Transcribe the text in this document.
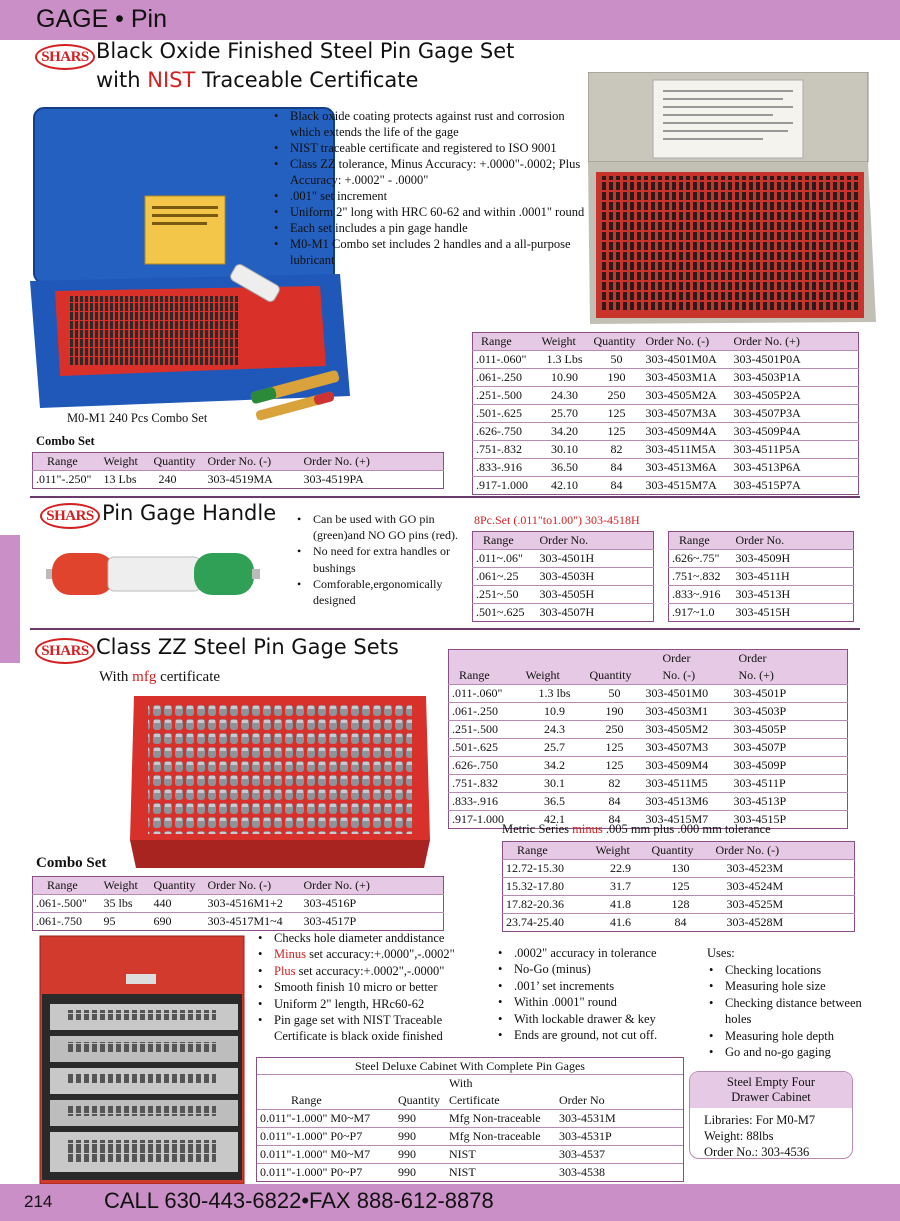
GAGE • Pin
SHARS Black Oxide Finished Steel Pin Gage Set
with NIST Traceable Certificate
M0-M1 240 Pcs Combo Set
• Black oxide coating protects against rust and corrosion which extends the life of the gage
• NIST traceable certificate and registered to ISO 9001
• Class ZZ tolerance, Minus Accuracy: +.0000"-.0002; Plus Accuracy: +.0002" - .0000"
• .001" set increment
• Uniform 2" long with HRC 60-62 and within .0001" round
• Each set includes a pin gage handle
• M0-M1 Combo set includes 2 handles and a all-purpose lubricant
Combo Set
Range	Weight	Quantity	Order No. (-)	Order No. (+)
.011"-.250"	13 Lbs	240	303-4519MA	303-4519PA
Range	Weight	Quantity	Order No. (-)	Order No. (+)
.011-.060"	1.3 Lbs	50	303-4501M0A	303-4501P0A
.061-.250	10.90	190	303-4503M1A	303-4503P1A
.251-.500	24.30	250	303-4505M2A	303-4505P2A
.501-.625	25.70	125	303-4507M3A	303-4507P3A
.626-.750	34.20	125	303-4509M4A	303-4509P4A
.751-.832	30.10	82	303-4511M5A	303-4511P5A
.833-.916	36.50	84	303-4513M6A	303-4513P6A
.917-1.000	42.10	84	303-4515M7A	303-4515P7A
SHARS Pin Gage Handle	• Can be used with GO pin (green)and NO GO pins (red).
• No need for extra handles or bushings
• Comforable,ergonomically designed
8Pc.Set (.011"to1.00") 303-4518H
Range	Order No.
.011~.06"	303-4501H
.061~.25	303-4503H
.251~.50	303-4505H
.501~.625	303-4507H
Range	Order No.
.626~.75"	303-4509H
.751~.832	303-4511H
.833~.916	303-4513H
.917~1.0	303-4515H
SHARS Class ZZ Steel Pin Gage Sets
With mfg certificate
			Order	Order
Range	Weight	Quantity	No. (-)	No. (+)
.011-.060"	1.3 lbs	50	303-4501M0	303-4501P
.061-.250	10.9	190	303-4503M1	303-4503P
.251-.500	24.3	250	303-4505M2	303-4505P
.501-.625	25.7	125	303-4507M3	303-4507P
.626-.750	34.2	125	303-4509M4	303-4509P
.751-.832	30.1	82	303-4511M5	303-4511P
.833-.916	36.5	84	303-4513M6	303-4513P
.917-1.000	42.1	84	303-4515M7	303-4515P
Metric Series minus .005 mm plus .000 mm tolerance
Range	Weight	Quantity	Order No. (-)
12.72-15.30	22.9	130	303-4523M
15.32-17.80	31.7	125	303-4524M
17.82-20.36	41.8	128	303-4525M
23.74-25.40	41.6	84	303-4528M
Combo Set
Range	Weight	Quantity	Order No. (-)	Order No. (+)
.061-.500"	35 lbs	440	303-4516M1+2	303-4516P
.061-.750	95	690	303-4517M1~4	303-4517P
• Checks hole diameter anddistance
• Minus set accuracy:+.0000",-.0002"
• Plus set accuracy:+.0002",-.0000"
• Smooth finish 10 micro or better
• Uniform 2" length, HRc60-62
• Pin gage set with NIST Traceable Certificate is black oxide finished
• .0002" accuracy in tolerance
• No-Go (minus)
• .001’ set increments
• Within .0001" round
• With lockable drawer & key
• Ends are ground, not cut off.
Uses:
• Checking locations
• Measuring hole size
• Checking distance between holes
• Measuring hole depth
• Go and no-go gaging
Steel Deluxe Cabinet With Complete Pin Gages
		With	
Range	Quantity	Certificate	Order No
0.011"-1.000" M0~M7	990	Mfg Non-traceable	303-4531M
0.011"-1.000" P0~P7	990	Mfg Non-traceable	303-4531P
0.011"-1.000" M0~M7	990	NIST	303-4537
0.011"-1.000" P0~P7	990	NIST	303-4538
Steel Empty Four
Drawer Cabinet
Libraries: For M0-M7
Weight: 88lbs
Order No.: 303-4536
214 CALL 630-443-6822•FAX 888-612-8878
